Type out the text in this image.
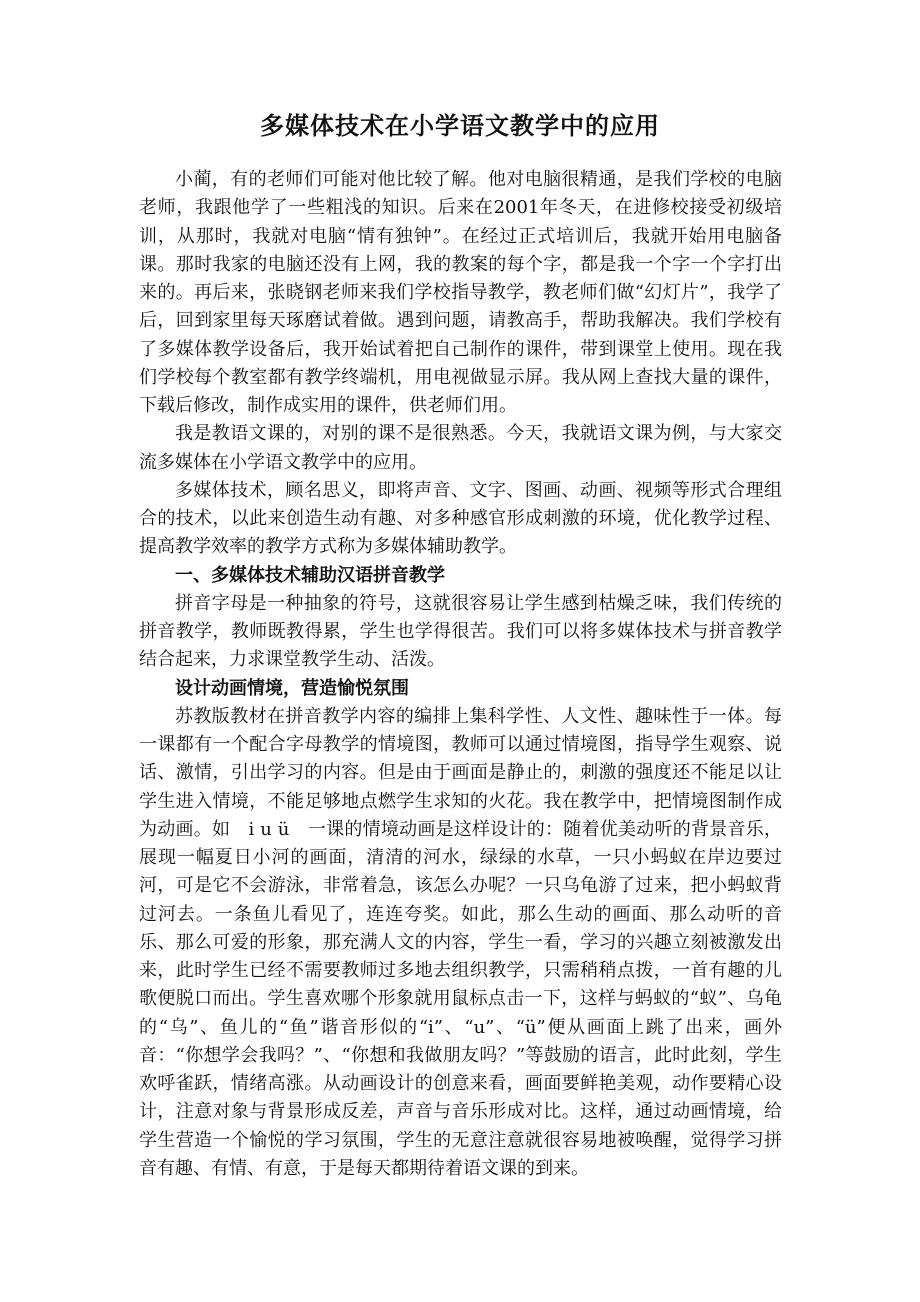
多媒体技术在小学语文教学中的应用

小蔺，有的老师们可能对他比较了解。他对电脑很精通，是我们学校的电脑老师，我跟他学了一些粗浅的知识。后来在2001年冬天，在进修校接受初级培训，从那时，我就对电脑“情有独钟”。在经过正式培训后，我就开始用电脑备课。那时我家的电脑还没有上网，我的教案的每个字，都是我一个字一个字打出来的。再后来，张晓钢老师来我们学校指导教学，教老师们做“幻灯片”，我学了后，回到家里每天琢磨试着做。遇到问题，请教高手，帮助我解决。我们学校有了多媒体教学设备后，我开始试着把自己制作的课件，带到课堂上使用。现在我们学校每个教室都有教学终端机，用电视做显示屏。我从网上查找大量的课件，下载后修改，制作成实用的课件，供老师们用。

我是教语文课的，对别的课不是很熟悉。今天，我就语文课为例，与大家交流多媒体在小学语文教学中的应用。

多媒体技术，顾名思义，即将声音、文字、图画、动画、视频等形式合理组合的技术，以此来创造生动有趣、对多种感官形成刺激的环境，优化教学过程、提高教学效率的教学方式称为多媒体辅助教学。

一、多媒体技术辅助汉语拼音教学

拼音字母是一种抽象的符号，这就很容易让学生感到枯燥乏味，我们传统的拼音教学，教师既教得累，学生也学得很苦。我们可以将多媒体技术与拼音教学结合起来，力求课堂教学生动、活泼。

设计动画情境，营造愉悦氛围

苏教版教材在拼音教学内容的编排上集科学性、人文性、趣味性于一体。每一课都有一个配合字母教学的情境图，教师可以通过情境图，指导学生观察、说话、激情，引出学习的内容。但是由于画面是静止的，刺激的强度还不能足以让学生进入情境，不能足够地点燃学生求知的火花。我在教学中，把情境图制作成为动画。如　i u ü　一课的情境动画是这样设计的：随着优美动听的背景音乐，展现一幅夏日小河的画面，清清的河水，绿绿的水草，一只小蚂蚁在岸边要过河，可是它不会游泳，非常着急，该怎么办呢？一只乌龟游了过来，把小蚂蚁背过河去。一条鱼儿看见了，连连夸奖。如此，那么生动的画面、那么动听的音乐、那么可爱的形象，那充满人文的内容，学生一看，学习的兴趣立刻被激发出来，此时学生已经不需要教师过多地去组织教学，只需稍稍点拨，一首有趣的儿歌便脱口而出。学生喜欢哪个形象就用鼠标点击一下，这样与蚂蚁的“蚁”、乌龟的“乌”、鱼儿的“鱼”谐音形似的“i”、“u”、“ü”便从画面上跳了出来，画外音：“你想学会我吗？”、“你想和我做朋友吗？”等鼓励的语言，此时此刻，学生欢呼雀跃，情绪高涨。从动画设计的创意来看，画面要鲜艳美观，动作要精心设计，注意对象与背景形成反差，声音与音乐形成对比。这样，通过动画情境，给学生营造一个愉悦的学习氛围，学生的无意注意就很容易地被唤醒，觉得学习拼音有趣、有情、有意，于是每天都期待着语文课的到来。
